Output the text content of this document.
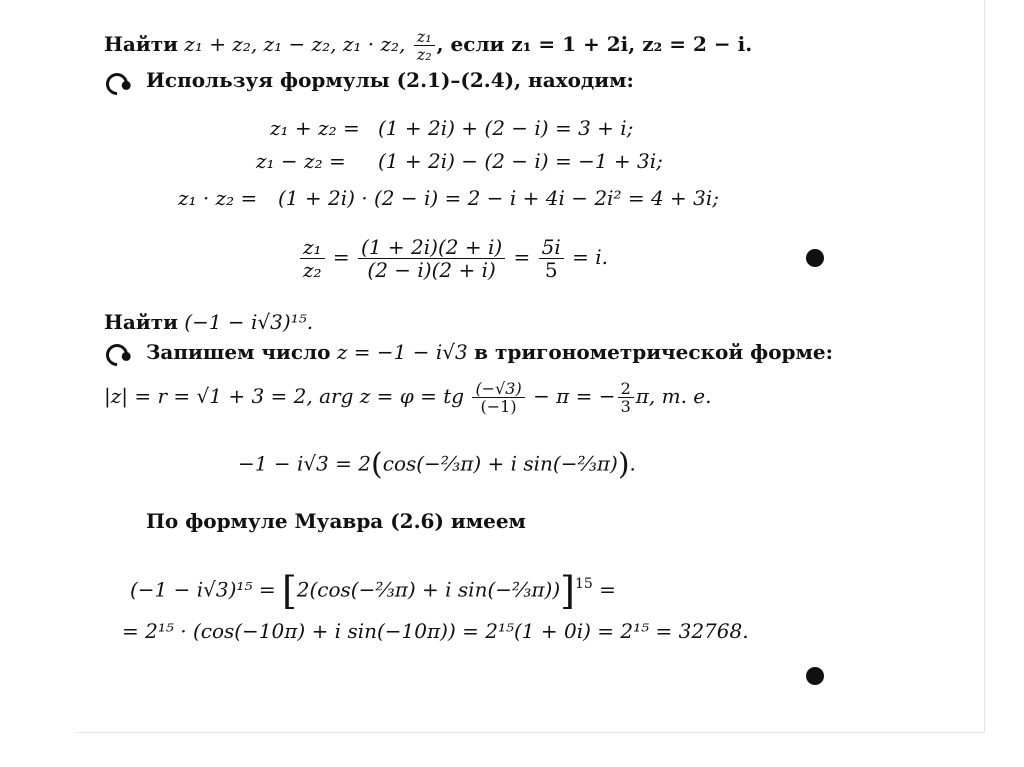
Найти z₁ + z₂, z₁ − z₂, z₁ · z₂, $\frac{\text{z₁}}{\text{z₂}}$ , если z₁ = 1 + 2i, z₂ = 2 − i.
Используя формулы (2.1)–(2.4), находим:
z₁ + z₂ = (1 + 2i) + (2 − i) = 3 + i;
z₁ − z₂ = (1 + 2i) − (2 − i) = −1 + 3i;
z₁ · z₂ = (1 + 2i) · (2 − i) = 2 − i + 4i − 2i² = 4 + 3i;
$\frac{\text{z₁}}{\text{z₂}} = \frac{(1 + 2i)(2 + i)}{(2 - i)(2 + i)} = \frac{5i}{5} = i$.
Найти (−1 − i√3)¹⁵.
Запишем число z = −1 − i√3 в тригонометрической форме:
|z| = r = √1 + 3 = 2, arg z = φ = tg $\frac{(-√3)}{(-1)} - \pi$ = − $\frac{2}{3} \pi$, т. е.
−1 − i√3 = 2(cos(−⅔π) + i sin(−⅔π)).
По формуле Муавра (2.6) имеем
(−1 − i√3)¹⁵ = [2(cos(−⅔π) + i sin(−⅔π))]$^{15}$ =
= 2¹⁵ · (cos(−10π) + i sin(−10π)) = 2¹⁵(1 + 0i) = 2¹⁵ = 32768.
